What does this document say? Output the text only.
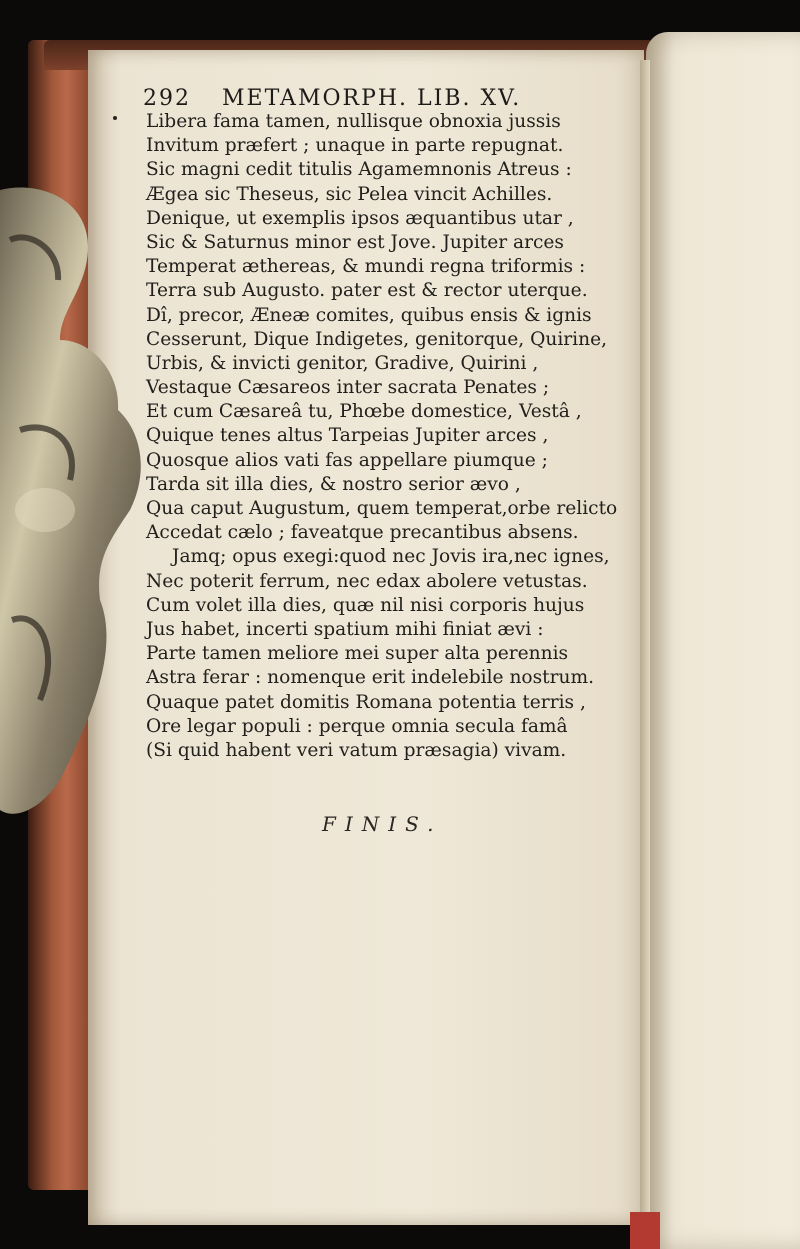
292 METAMORPH. LIB. XV.
Libera fama tamen, nullisque obnoxia jussis
Invitum præfert ; unaque in parte repugnat.
Sic magni cedit titulis Agamemnonis Atreus :
Ægea sic Theseus, sic Pelea vincit Achilles.
Denique, ut exemplis ipsos æquantibus utar ,
Sic & Saturnus minor est Jove. Jupiter arces
Temperat æthereas, & mundi regna triformis :
Terra sub Augusto. pater est & rector uterque.
Dî, precor, Æneæ comites, quibus ensis & ignis
Cesserunt, Dique Indigetes, genitorque, Quirine,
Urbis, & invicti genitor, Gradive, Quirini ,
Vestaque Cæsareos inter sacrata Penates ;
Et cum Cæsareâ tu, Phœbe domestice, Vestâ ,
Quique tenes altus Tarpeias Jupiter arces ,
Quosque alios vati fas appellare piumque ;
Tarda sit illa dies, & nostro serior ævo ,
Qua caput Augustum, quem temperat,orbe relicto
Accedat cælo ; faveatque precantibus absens.
Jamq; opus exegi:quod nec Jovis ira,nec ignes,
Nec poterit ferrum, nec edax abolere vetustas.
Cum volet illa dies, quæ nil nisi corporis hujus
Jus habet, incerti spatium mihi finiat ævi :
Parte tamen meliore mei super alta perennis
Astra ferar : nomenque erit indelebile nostrum.
Quaque patet domitis Romana potentia terris ,
Ore legar populi : perque omnia secula famâ
(Si quid habent veri vatum præsagia) vivam.
FINIS.
